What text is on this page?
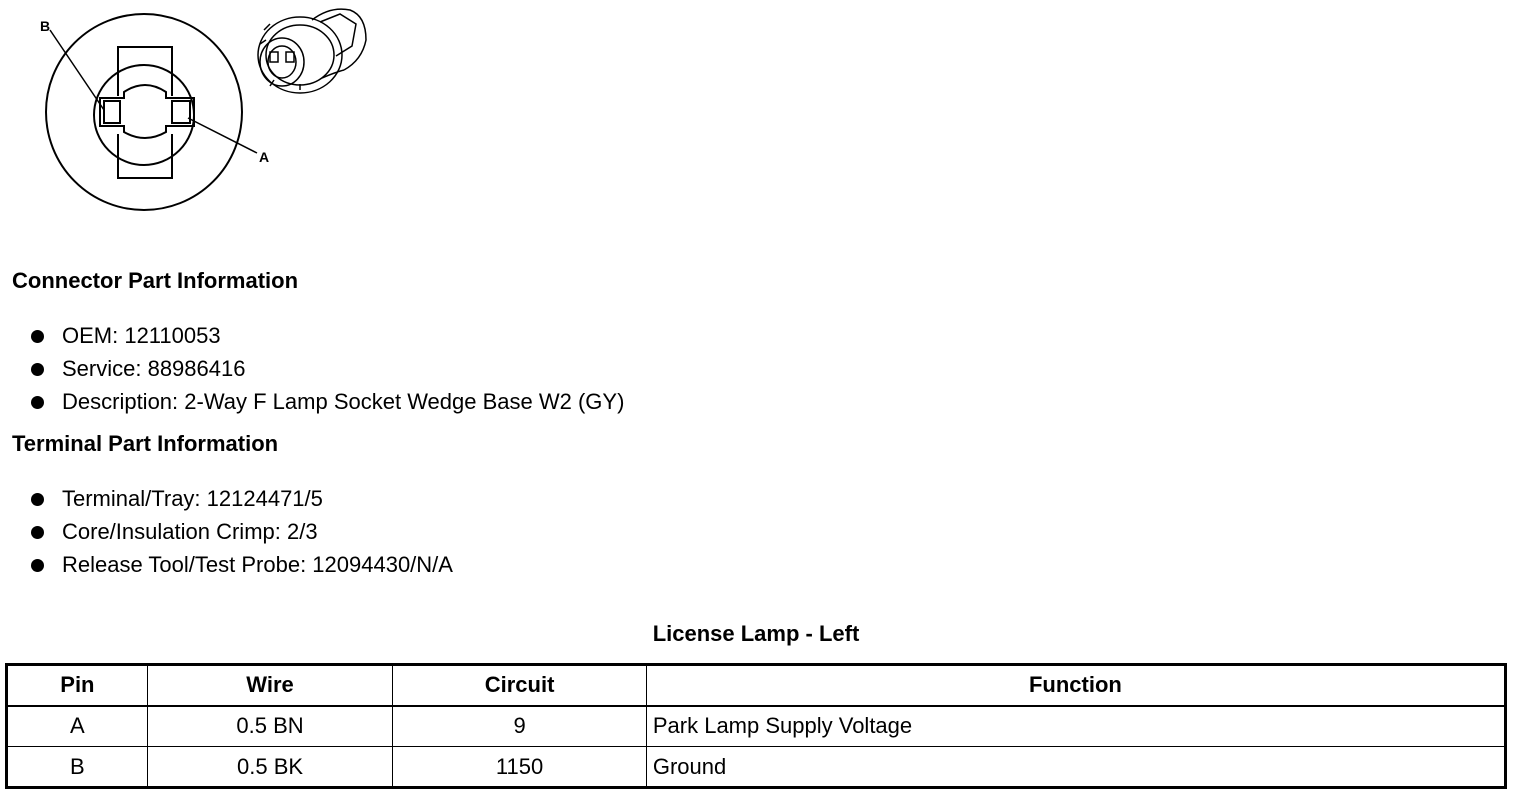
B
A
Connector Part Information
OEM: 12110053
Service: 88986416
Description: 2-Way F Lamp Socket Wedge Base W2 (GY)
Terminal Part Information
Terminal/Tray: 12124471/5
Core/Insulation Crimp: 2/3
Release Tool/Test Probe: 12094430/N/A
License Lamp - Left
Pin	Wire	Circuit	Function
A	0.5 BN	9	Park Lamp Supply Voltage
B	0.5 BK	1150	Ground
